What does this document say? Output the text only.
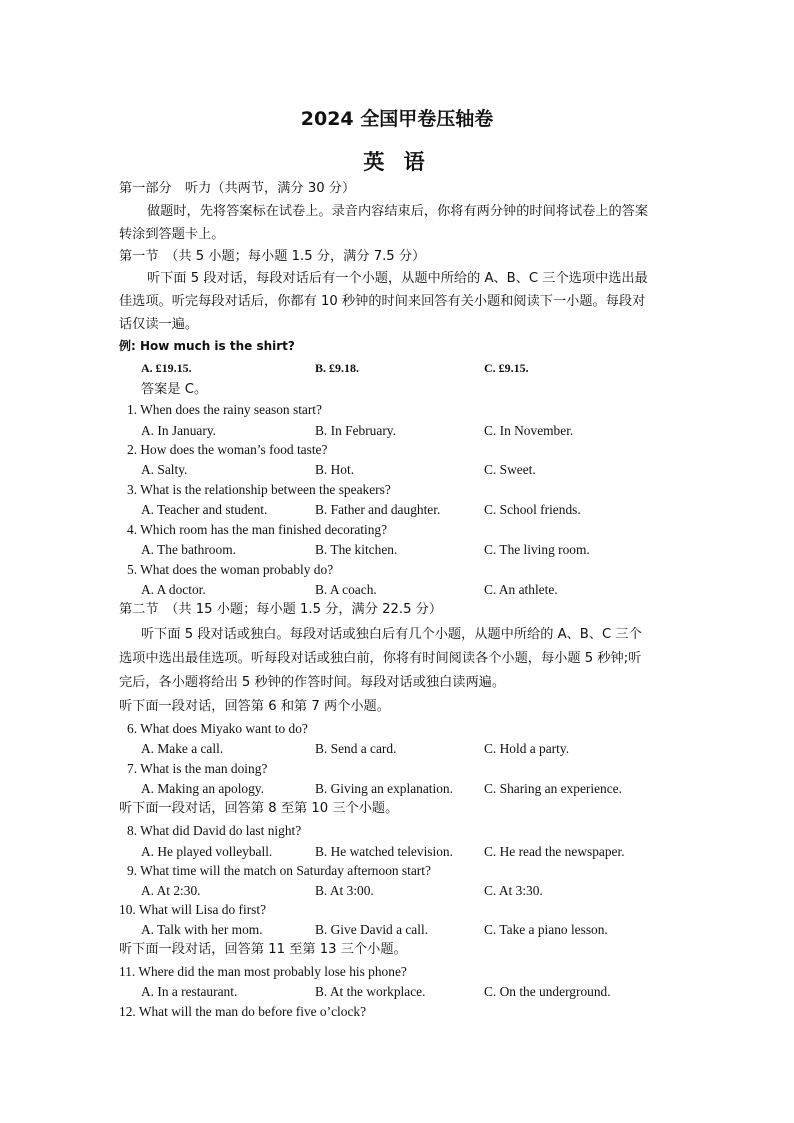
2024 全国甲卷压轴卷
英 语
第一部分　听力（共两节，满分 30 分）
做题时，先将答案标在试卷上。录音内容结束后，你将有两分钟的时间将试卷上的答案
转涂到答题卡上。
第一节　（共 5 小题；每小题 1.5 分，满分 7.5 分）
听下面 5 段对话，每段对话后有一个小题，从题中所给的 A、B、C 三个选项中选出最
佳选项。听完每段对话后，你都有 10 秒钟的时间来回答有关小题和阅读下一小题。每段对
话仅读一遍。
例: How much is the shirt?
A. £19.15.	B. £9.18.	C. £9.15.
答案是 C。
1. When does the rainy season start?
A. In January.	B. In February.	C. In November.
2. How does the woman’s food taste?
A. Salty.	B. Hot.	C. Sweet.
3. What is the relationship between the speakers?
A. Teacher and student.	B. Father and daughter.	C. School friends.
4. Which room has the man finished decorating?
A. The bathroom.	B. The kitchen.	C. The living room.
5. What does the woman probably do?
A. A doctor.	B. A coach.	C. An athlete.
第二节　（共 15 小题；每小题 1.5 分，满分 22.5 分）
听下面 5 段对话或独白。每段对话或独白后有几个小题，从题中所给的 A、B、C 三个
选项中选出最佳选项。听每段对话或独白前，你将有时间阅读各个小题，每小题 5 秒钟;听
完后，各小题将给出 5 秒钟的作答时间。每段对话或独白读两遍。
听下面一段对话，回答第 6 和第 7 两个小题。
6. What does Miyako want to do?
A. Make a call.	B. Send a card.	C. Hold a party.
7. What is the man doing?
A. Making an apology.	B. Giving an explanation. C. Sharing an experience.
听下面一段对话，回答第 8 至第 10 三个小题。
8. What did David do last night?
A. He played volleyball.	B. He watched television. C. He read the newspaper.
9. What time will the match on Saturday afternoon start?
A. At 2:30.	B. At 3:00.	C. At 3:30.
10. What will Lisa do first?
A. Talk with her mom.	B. Give David a call.	C. Take a piano lesson.
听下面一段对话，回答第 11 至第 13 三个小题。
11. Where did the man most probably lose his phone?
A. In a restaurant.	B. At the workplace.	C. On the underground.
12. What will the man do before five o’clock?
